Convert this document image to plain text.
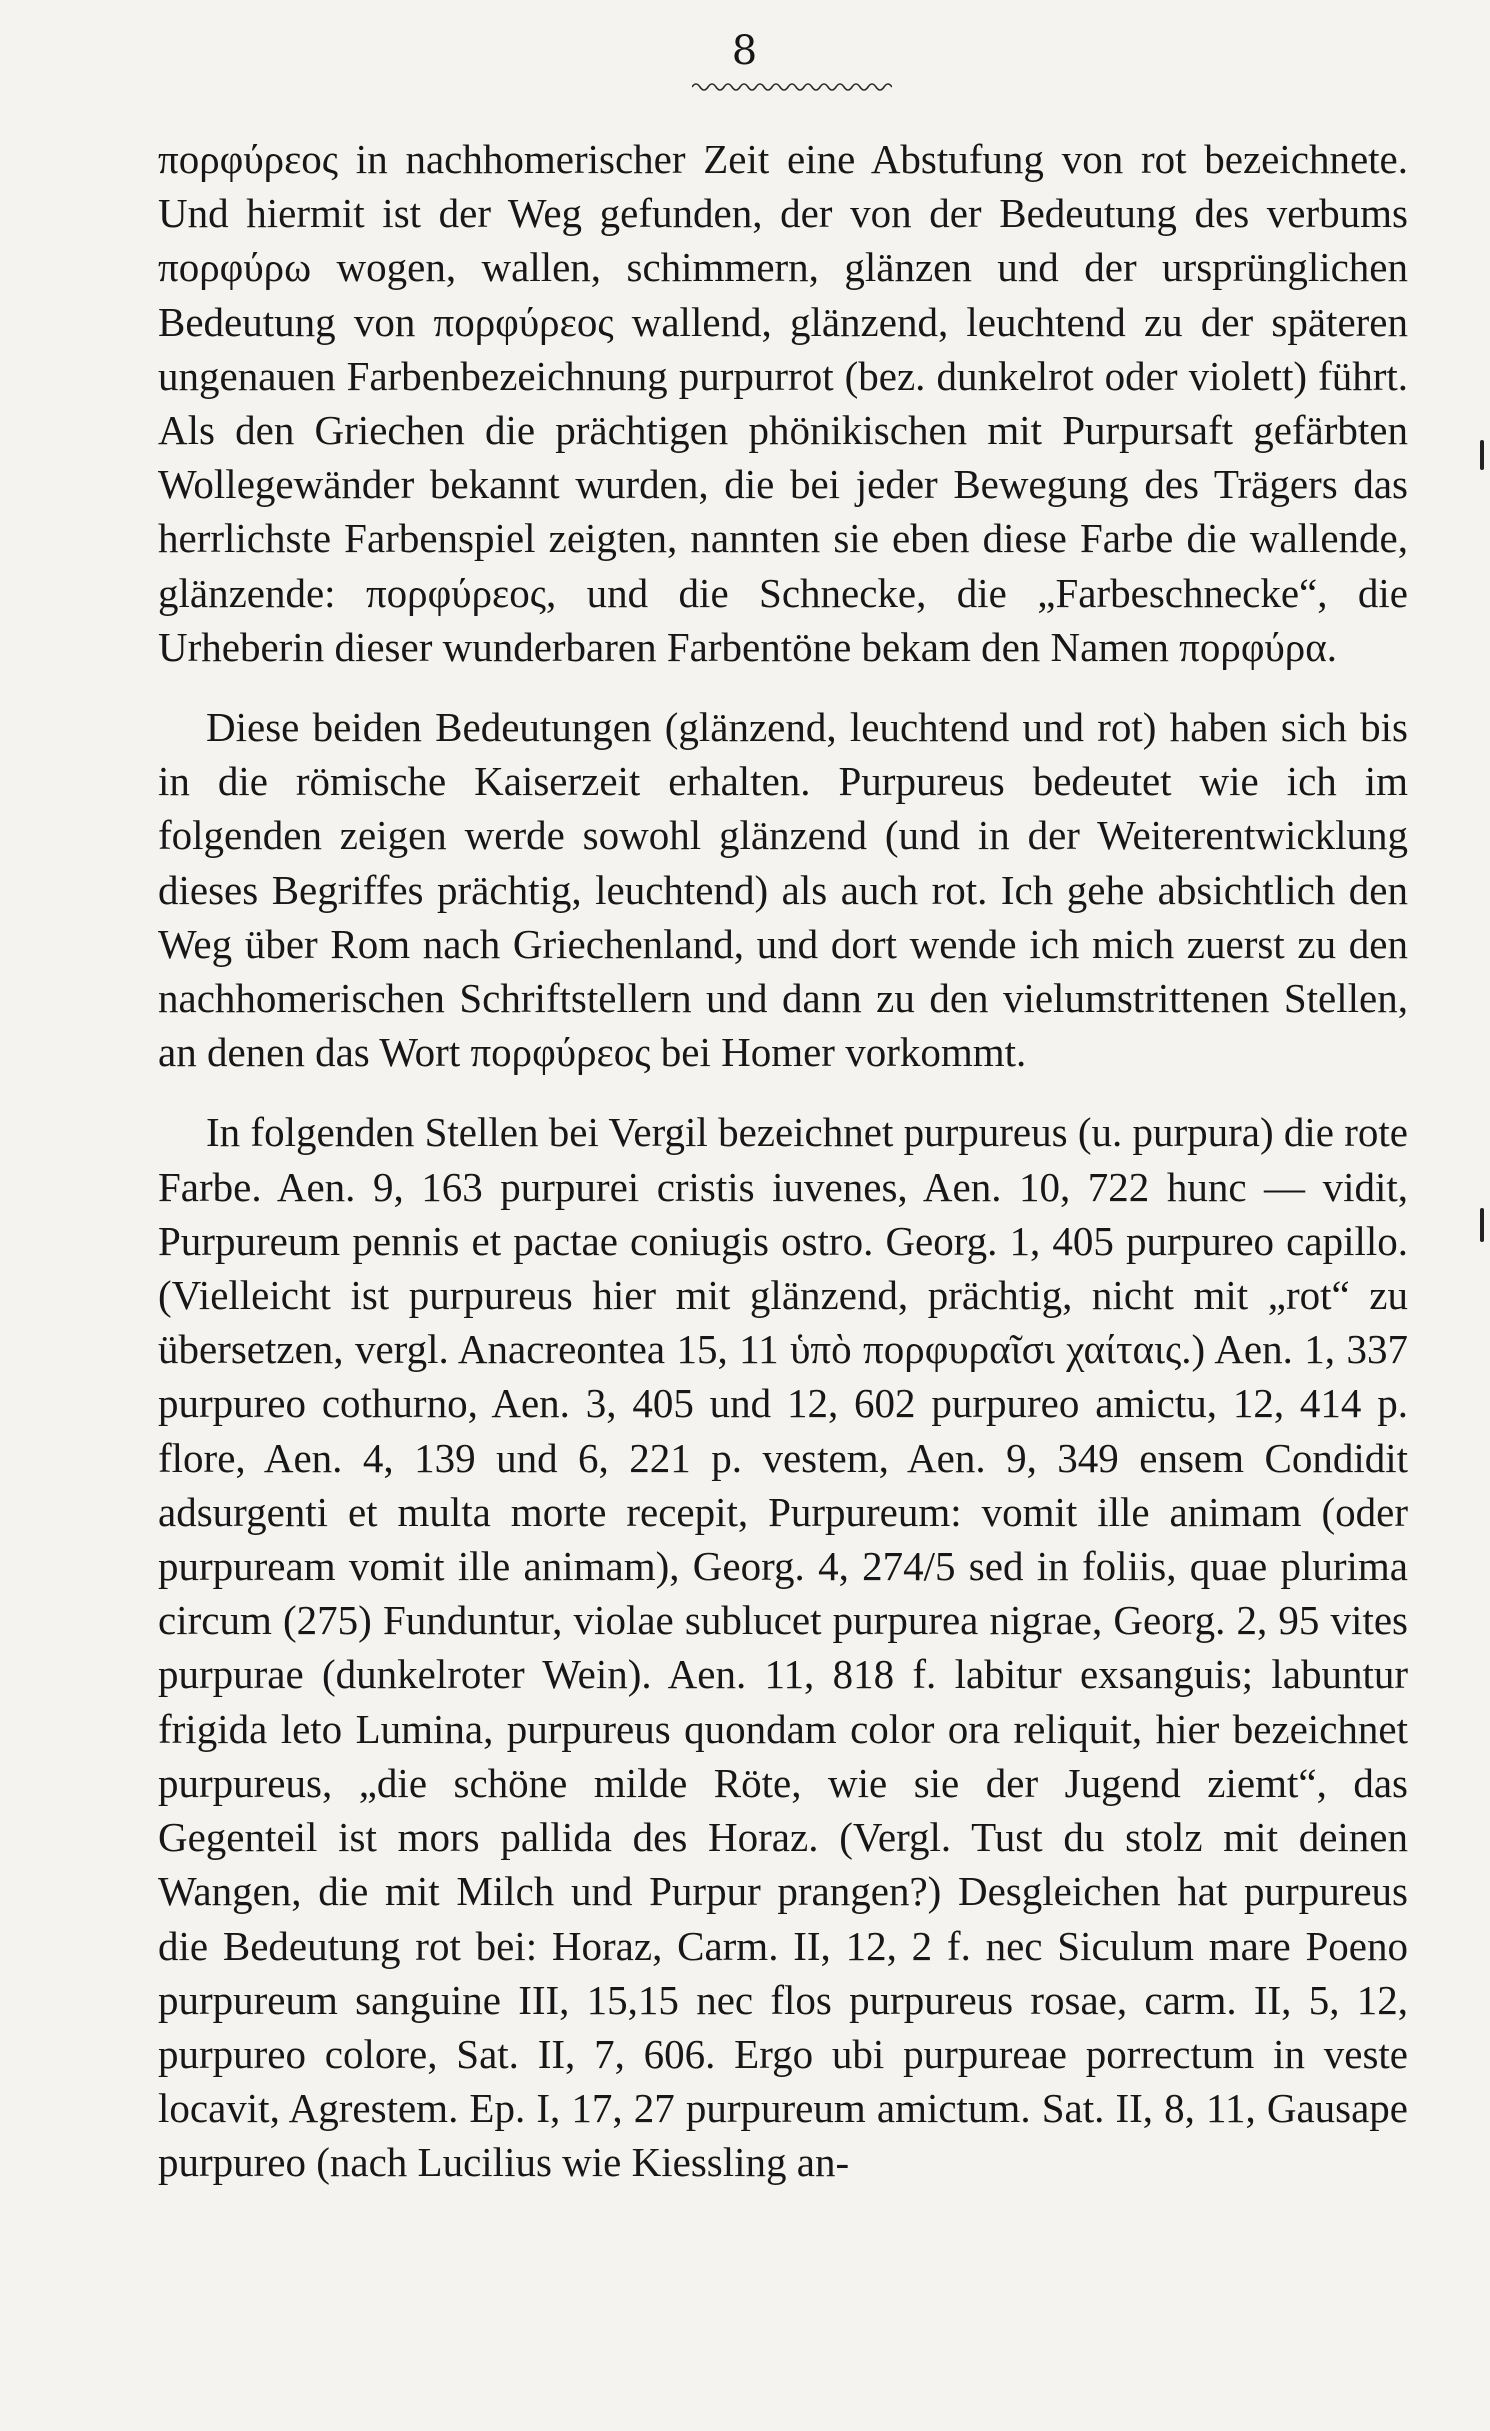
8

πορφύρεος in nachhomerischer Zeit eine Abstufung von rot bezeichnete. Und hiermit ist der Weg gefunden, der von der Bedeutung des verbums πορφύρω wogen, wallen, schimmern, glänzen und der ursprünglichen Bedeutung von πορφύρεος wallend, glänzend, leuchtend zu der späteren ungenauen Farbenbezeichnung purpurrot (bez. dunkelrot oder violett) führt. Als den Griechen die prächtigen phönikischen mit Purpursaft gefärbten Wollegewänder bekannt wurden, die bei jeder Bewegung des Trägers das herrlichste Farbenspiel zeigten, nannten sie eben diese Farbe die wallende, glänzende: πορφύρεος, und die Schnecke, die „Farbeschnecke“, die Urheberin dieser wunderbaren Farbentöne bekam den Namen πορφύρα.

Diese beiden Bedeutungen (glänzend, leuchtend und rot) haben sich bis in die römische Kaiserzeit erhalten. Purpureus bedeutet wie ich im folgenden zeigen werde sowohl glänzend (und in der Weiterentwicklung dieses Begriffes prächtig, leuchtend) als auch rot. Ich gehe absichtlich den Weg über Rom nach Griechenland, und dort wende ich mich zuerst zu den nachhomerischen Schriftstellern und dann zu den vielumstrittenen Stellen, an denen das Wort πορφύρεος bei Homer vorkommt.

In folgenden Stellen bei Vergil bezeichnet purpureus (u. purpura) die rote Farbe. Aen. 9, 163 purpurei cristis iuvenes, Aen. 10, 722 hunc — vidit, Purpureum pennis et pactae coniugis ostro. Georg. 1, 405 purpureo capillo. (Vielleicht ist purpureus hier mit glänzend, prächtig, nicht mit „rot“ zu übersetzen, vergl. Anacreontea 15, 11 ὑπὸ πορφυραῖσι χαίταις.) Aen. 1, 337 purpureo cothurno, Aen. 3, 405 und 12, 602 purpureo amictu, 12, 414 p. flore, Aen. 4, 139 und 6, 221 p. vestem, Aen. 9, 349 ensem Condidit adsurgenti et multa morte recepit, Purpureum: vomit ille animam (oder purpuream vomit ille animam), Georg. 4, 274/5 sed in foliis, quae plurima circum (275) Funduntur, violae sublucet purpurea nigrae, Georg. 2, 95 vites purpurae (dunkelroter Wein). Aen. 11, 818 f. labitur exsanguis; labuntur frigida leto Lumina, purpureus quondam color ora reliquit, hier bezeichnet purpureus, „die schöne milde Röte, wie sie der Jugend ziemt“, das Gegenteil ist mors pallida des Horaz. (Vergl. Tust du stolz mit deinen Wangen, die mit Milch und Purpur prangen?) Desgleichen hat purpureus die Bedeutung rot bei: Horaz, Carm. II, 12, 2 f. nec Siculum mare Poeno purpureum sanguine III, 15,15 nec flos purpureus rosae, carm. II, 5, 12, purpureo colore, Sat. II, 7, 606. Ergo ubi purpureae porrectum in veste locavit, Agrestem. Ep. I, 17, 27 purpureum amictum. Sat. II, 8, 11, Gausape purpureo (nach Lucilius wie Kiessling an-
